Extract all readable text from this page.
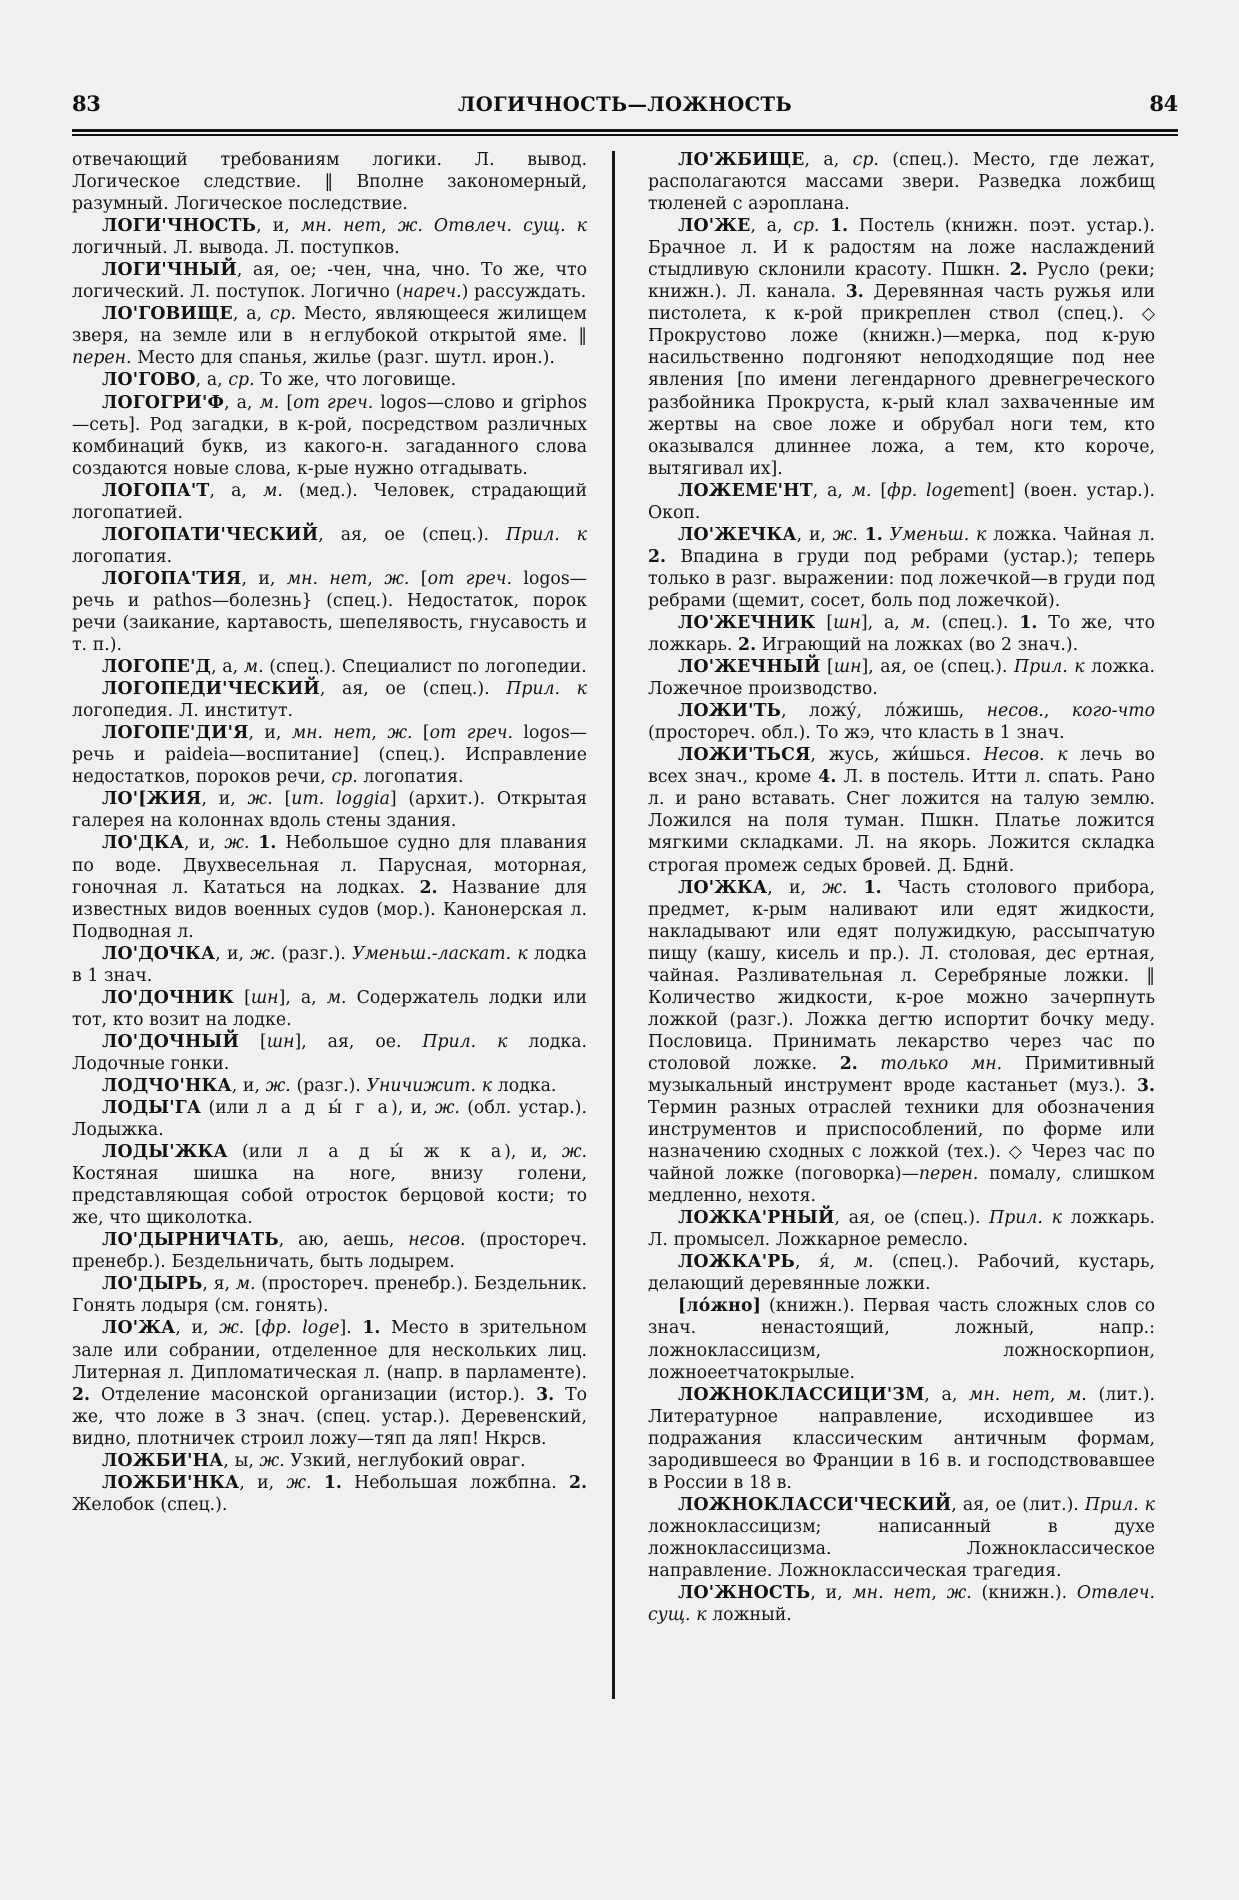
83	ЛОГИЧНОСТЬ—ЛОЖНОСТЬ	84

отвечающий требованиям логики. Л. вывод. Логическое следствие. ‖ Вполне закономерный, разумный. Логическое последствие.

ЛОГИ'ЧНОСТЬ, и, мн. нет, ж. Отвлеч. сущ. к логичный. Л. вывода. Л. поступков.

ЛОГИ'ЧНЫЙ, ая, ое; -чен, чна, чно. То же, что логический. Л. поступок. Логично (нареч.) рассуждать.

ЛО'ГОВИЩЕ, а, ср. Место, являющееся жилищем зверя, на земле или в неглубокой открытой яме. ‖ перен. Место для спанья, жилье (разг. шутл. ирон.).

ЛО'ГОВО, а, ср. То же, что логовище.

ЛОГОГРИ'Ф, а, м. [от греч. logos—слово и griphos—сеть]. Род загадки, в к-рой, посредством различных комбинаций букв, из какого-н. загаданного слова создаются новые слова, к-рые нужно отгадывать.

ЛОГОПА'Т, а, м. (мед.). Человек, страдающий логопатией.

ЛОГОПАТИ'ЧЕСКИЙ, ая, ое (спец.). Прил. к логопатия.

ЛОГОПА'ТИЯ, и, мн. нет, ж. [от греч. logos—речь и pathos—болезнь} (спец.). Недостаток, порок речи (заикание, картавость, шепелявость, гнусавость и т. п.).

ЛОГОПЕ'Д, а, м. (спец.). Специалист по логопедии.

ЛОГОПЕДИ'ЧЕСКИЙ, ая, ое (спец.). Прил. к логопедия. Л. институт.

ЛОГОПЕ'ДИ'Я, и, мн. нет, ж. [от греч. logos— речь и paideia—воспитание] (спец.). Исправление недостатков, пороков речи, ср. логопатия.

ЛО'[ЖИЯ, и, ж. [ит. loggia] (архит.). Открытая галерея на колоннах вдоль стены здания.

ЛО'ДКА, и, ж. 1. Небольшое судно для плавания по воде. Двухвесельная л. Парусная, моторная, гоночная л. Кататься на лодках. 2. Название для известных видов военных судов (мор.). Канонерская л. Подводная л.

ЛО'ДОЧКА, и, ж. (разг.). Уменьш.-ласкат. к лодка в 1 знач.

ЛО'ДОЧНИК [шн], а, м. Содержатель лодки или тот, кто возит на лодке.

ЛО'ДОЧНЫЙ [шн], ая, ое. Прил. к лодка. Лодочные гонки.

ЛОДЧО'НКА, и, ж. (разг.). Уничижит. к лодка.

ЛОДЫ'ГА (или л а д ы́ г а), и, ж. (обл. устар.). Лодыжка.

ЛОДЫ'ЖКА (или л а д ы́ ж к а), и, ж. Костяная шишка на ноге, внизу голени, представляющая собой отросток берцовой кости; то же, что щиколотка.

ЛО'ДЫРНИЧАТЬ, аю, аешь, несов. (простореч. пренебр.). Бездельничать, быть лодырем.

ЛО'ДЫРЬ, я, м. (простореч. пренебр.). Бездельник. Гонять лодыря (см. гонять).

ЛО'ЖА, и, ж. [фр. loge]. 1. Место в зрительном зале или собрании, отделенное для нескольких лиц. Литерная л. Дипломатическая л. (напр. в парламенте). 2. Отделение масонской организации (истор.). 3. То же, что ложе в 3 знач. (спец. устар.). Деревенский, видно, плотничек строил ложу—тяп да ляп! Нкрсв.

ЛОЖБИ'НА, ы, ж. Узкий, неглубокий овраг.

ЛОЖБИ'НКА, и, ж. 1. Небольшая ложбпна. 2. Желобок (спец.).

ЛО'ЖБИЩЕ, а, ср. (спец.). Место, где лежат, располагаются массами звери. Разведка ложбищ тюленей с аэроплана.

ЛО'ЖЕ, а, ср. 1. Постель (книжн. поэт. устар.). Брачное л. И к радостям на ложе наслаждений стыдливую склонили красоту. Пшкн. 2. Русло (реки; книжн.). Л. канала. 3. Деревянная часть ружья или пистолета, к к-рой прикреплен ствол (спец.). ◇ Прокрустово ложе (книжн.)—мерка, под к-рую насильственно подгоняют неподходящие под нее явления [по имени легендарного древнегреческого разбойника Прокруста, к-рый клал захваченные им жертвы на свое ложе и обрубал ноги тем, кто оказывался длиннее ложа, а тем, кто короче, вытягивал их].

ЛОЖЕМЕ'НТ, а, м. [фр. logement] (воен. устар.). Окоп.

ЛО'ЖЕЧКА, и, ж. 1. Уменьш. к ложка. Чайная л. 2. Впадина в груди под ребрами (устар.); теперь только в разг. выражении: под ложечкой—в груди под ребрами (щемит, сосет, боль под ложечкой).

ЛО'ЖЕЧНИК [шн], а, м. (спец.). 1. То же, что ложкарь. 2. Играющий на ложках (во 2 знач.).

ЛО'ЖЕЧНЫЙ [шн], ая, ое (спец.). Прил. к ложка. Ложечное производство.

ЛОЖИ'ТЬ, ложу́, ло́жишь, несов., кого-что (простореч. обл.). То жэ, что класть в 1 знач.

ЛОЖИ'ТЬСЯ, жусь, жи́шься. Несов. к лечь во всех знач., кроме 4. Л. в постель. Итти л. спать. Рано л. и рано вставать. Снег ложится на талую землю. Ложился на поля туман. Пшкн. Платье ложится мягкими складками. Л. на якорь. Ложится складка строгая промеж седых бровей. Д. Бднй.

ЛО'ЖКА, и, ж. 1. Часть столового прибора, предмет, к-рым наливают или едят жидкости, накладывают или едят полужидкую, рассыпчатую пищу (кашу, кисель и пр.). Л. столовая, дес ертная, чайная. Разливательная л. Серебряные ложки. ‖ Количество жидкости, к-рое можно зачерпнуть ложкой (разг.). Ложка дегтю испортит бочку меду. Пословица. Принимать лекарство через час по столовой ложке. 2. только мн. Примитивный музыкальный инструмент вроде кастаньет (муз.). 3. Термин разных отраслей техники для обозначения инструментов и приспособлений, по форме или назначению сходных с ложкой (тех.). ◇ Через час по чайной ложке (поговорка)—перен. помалу, слишком медленно, нехотя.

ЛОЖКА'РНЫЙ, ая, ое (спец.). Прил. к ложкарь. Л. промысел. Ложкарное ремесло.

ЛОЖКА'РЬ, я́, м. (спец.). Рабочий, кустарь, делающий деревянные ложки.

[ло́жно] (книжн.). Первая часть сложных слов со знач. ненастоящий, ложный, напр.: ложноклассицизм, ложноскорпион, ложноеетчатокрылые.

ЛОЖНОКЛАССИЦИ'ЗМ, а, мн. нет, м. (лит.). Литературное направление, исходившее из подражания классическим античным формам, зародившееся во Франции в 16 в. и господствовавшее в России в 18 в.

ЛОЖНОКЛАССИ'ЧЕСКИЙ, ая, ое (лит.). Прил. к ложноклассицизм; написанный в духе ложноклассицизма. Ложноклассическое направление. Ложноклассическая трагедия.

ЛО'ЖНОСТЬ, и, мн. нет, ж. (книжн.). Отвлеч. сущ. к ложный.
